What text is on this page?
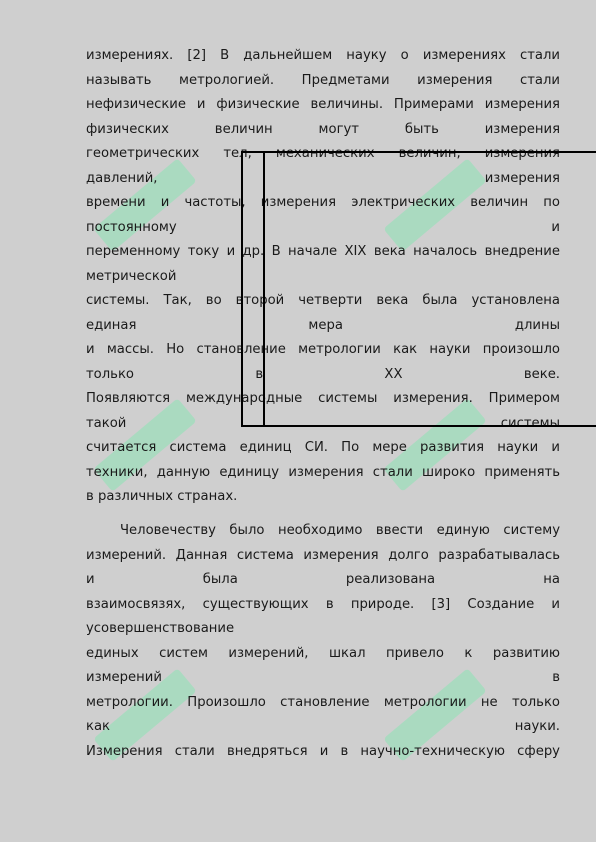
измерениях. [2] В дальнейшем науку о измерениях стали
называть метрологией. Предметами измерения стали
нефизические и физические величины. Примерами измерения
физических величин могут быть измерения
геометрических тел, механических величин, измерения
давлений, измерения
времени и частоты, измерения электрических величин по
постоянному и
переменному току и др. В начале XIX века началось внедрение
метрической
системы. Так, во второй четверти века была установлена
единая мера длины
и массы. Но становление метрологии как науки произошло
только в XX веке.
Появляются международные системы измерения. Примером
такой системы
считается система единиц СИ. По мере развития науки и
техники, данную единицу измерения стали широко применять
в различных странах.
Человечеству было необходимо ввести единую систему
измерений. Данная система измерения долго разрабатывалась
и была реализована на
взаимосвязях, существующих в природе. [3] Создание и
усовершенствование
единых систем измерений, шкал привело к развитию
измерений в
метрологии. Произошло становление метрологии не только
как науки.
Измерения стали внедряться и в научно-техническую сферу
